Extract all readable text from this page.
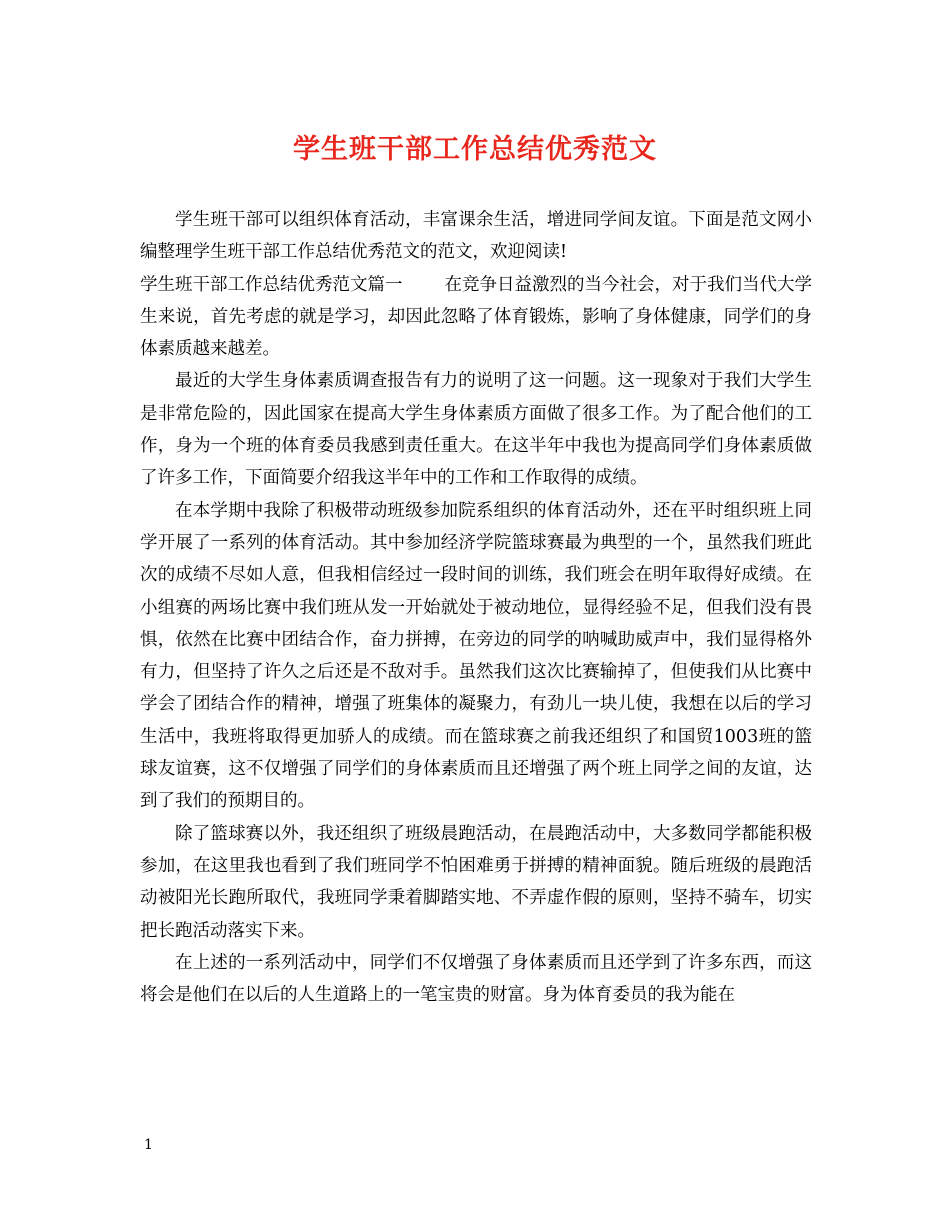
学生班干部工作总结优秀范文

学生班干部可以组织体育活动，丰富课余生活，增进同学间友谊。下面是范文网小编整理学生班干部工作总结优秀范文的范文，欢迎阅读!

学生班干部工作总结优秀范文篇一 在竞争日益激烈的当今社会，对于我们当代大学生来说，首先考虑的就是学习，却因此忽略了体育锻炼，影响了身体健康，同学们的身体素质越来越差。

最近的大学生身体素质调查报告有力的说明了这一问题。这一现象对于我们大学生是非常危险的，因此国家在提高大学生身体素质方面做了很多工作。为了配合他们的工作，身为一个班的体育委员我感到责任重大。在这半年中我也为提高同学们身体素质做了许多工作，下面简要介绍我这半年中的工作和工作取得的成绩。

在本学期中我除了积极带动班级参加院系组织的体育活动外，还在平时组织班上同学开展了一系列的体育活动。其中参加经济学院篮球赛最为典型的一个，虽然我们班此次的成绩不尽如人意，但我相信经过一段时间的训练，我们班会在明年取得好成绩。在小组赛的两场比赛中我们班从发一开始就处于被动地位，显得经验不足，但我们没有畏惧，依然在比赛中团结合作，奋力拼搏，在旁边的同学的呐喊助威声中，我们显得格外有力，但坚持了许久之后还是不敌对手。虽然我们这次比赛输掉了，但使我们从比赛中学会了团结合作的精神，增强了班集体的凝聚力，有劲儿一块儿使，我想在以后的学习生活中，我班将取得更加骄人的成绩。而在篮球赛之前我还组织了和国贸1003班的篮球友谊赛，这不仅增强了同学们的身体素质而且还增强了两个班上同学之间的友谊，达到了我们的预期目的。

除了篮球赛以外，我还组织了班级晨跑活动，在晨跑活动中，大多数同学都能积极参加，在这里我也看到了我们班同学不怕困难勇于拼搏的精神面貌。随后班级的晨跑活动被阳光长跑所取代，我班同学秉着脚踏实地、不弄虚作假的原则，坚持不骑车，切实把长跑活动落实下来。

在上述的一系列活动中，同学们不仅增强了身体素质而且还学到了许多东西，而这将会是他们在以后的人生道路上的一笔宝贵的财富。身为体育委员的我为能在

1
